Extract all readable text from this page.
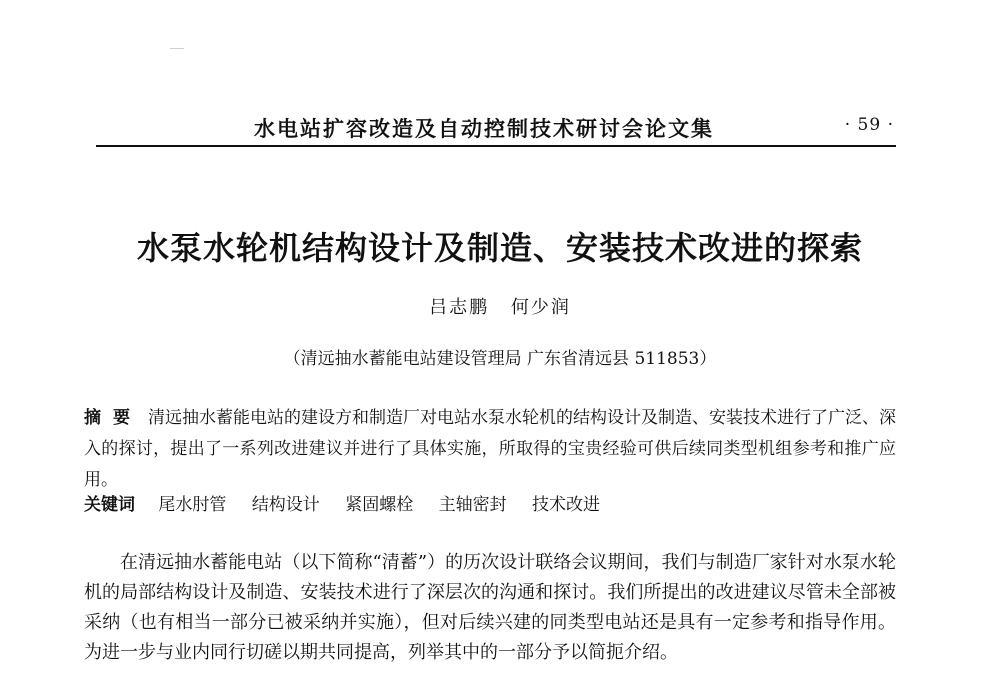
水电站扩容改造及自动控制技术研讨会论文集	· 59 ·
水泵水轮机结构设计及制造、安装技术改进的探索
吕志鹏 何少润
（清远抽水蓄能电站建设管理局 广东省清远县 511853）
摘要 清远抽水蓄能电站的建设方和制造厂对电站水泵水轮机的结构设计及制造、安装技术进行了广泛、深入的探讨，提出了一系列改进建议并进行了具体实施，所取得的宝贵经验可供后续同类型机组参考和推广应用。
关键词 尾水肘管 结构设计 紧固螺栓 主轴密封 技术改进
在清远抽水蓄能电站（以下简称“清蓄”）的历次设计联络会议期间，我们与制造厂家针对水泵水轮机的局部结构设计及制造、安装技术进行了深层次的沟通和探讨。我们所提出的改进建议尽管未全部被采纳（也有相当一部分已被采纳并实施），但对后续兴建的同类型电站还是具有一定参考和指导作用。为进一步与业内同行切磋以期共同提高，列举其中的一部分予以简扼介绍。
